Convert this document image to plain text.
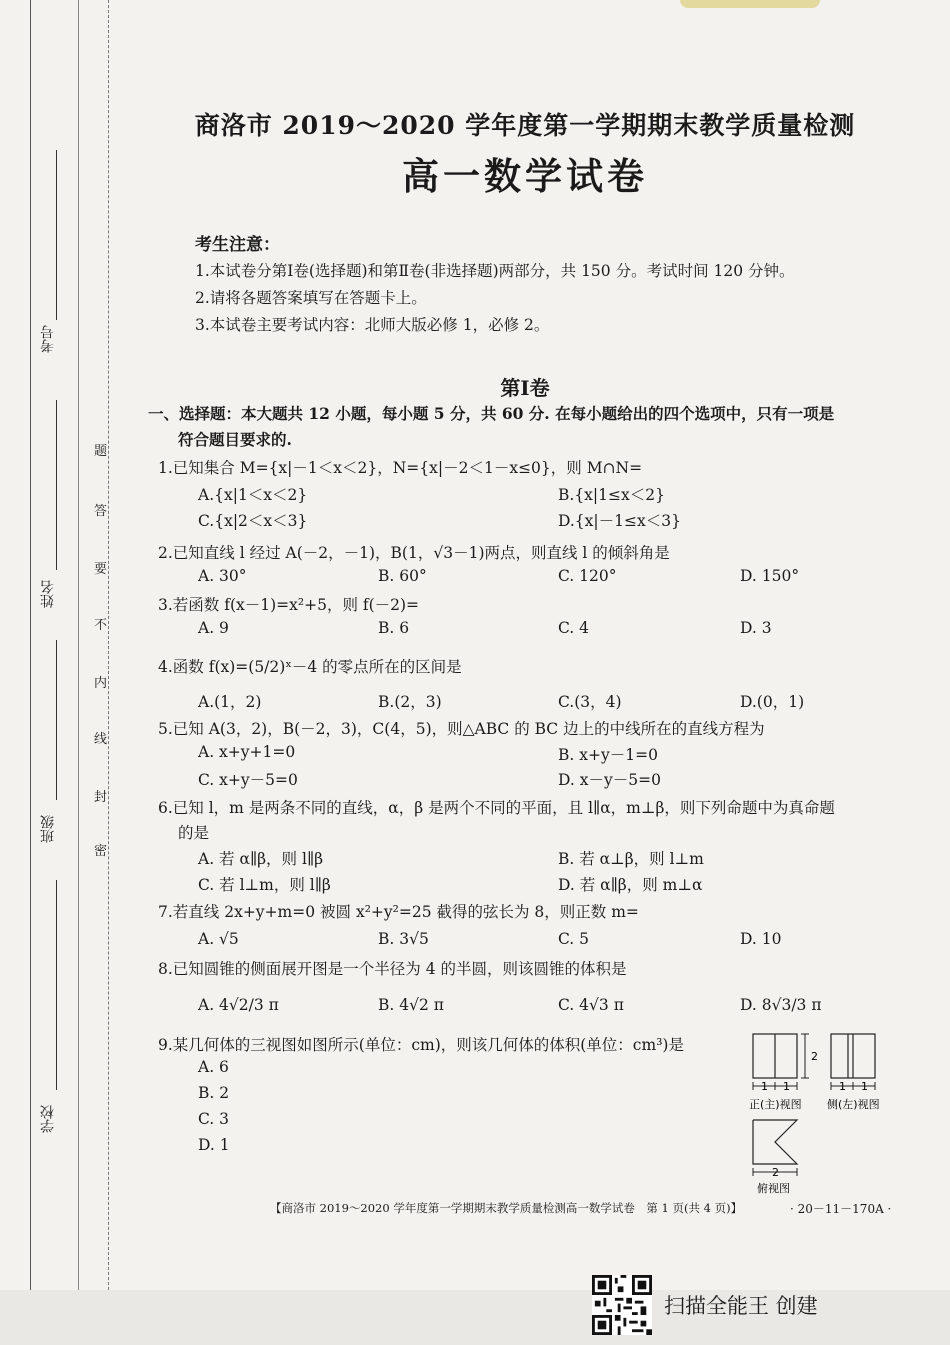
考号
姓名
班级
学校
题
答
要
不
内
线
封
密
商洛市 2019～2020 学年度第一学期期末教学质量检测
高一数学试卷
考生注意：
1.本试卷分第Ⅰ卷(选择题)和第Ⅱ卷(非选择题)两部分，共 150 分。考试时间 120 分钟。
2.请将各题答案填写在答题卡上。
3.本试卷主要考试内容：北师大版必修 1，必修 2。
第Ⅰ卷
一、选择题：本大题共 12 小题，每小题 5 分，共 60 分. 在每小题给出的四个选项中，只有一项是
符合题目要求的.
1.已知集合 M={x|－1＜x＜2}，N={x|－2＜1－x≤0}，则 M∩N=
A.{x|1＜x＜2}	B.{x|1≤x＜2}
C.{x|2＜x＜3}	D.{x|－1≤x＜3}
2.已知直线 l 经过 A(－2，－1)，B(1，√3－1)两点，则直线 l 的倾斜角是
A. 30°	B. 60°	C. 120°	D. 150°
3.若函数 f(x－1)=x²+5，则 f(－2)=
A. 9	B. 6	C. 4	D. 3
4.函数 f(x)=(5/2)ˣ－4 的零点所在的区间是
A.(1，2)	B.(2，3)	C.(3，4)	D.(0，1)
5.已知 A(3，2)，B(－2，3)，C(4，5)，则△ABC 的 BC 边上的中线所在的直线方程为
A. x+y+1=0	B. x+y－1=0
C. x+y－5=0	D. x－y－5=0
6.已知 l，m 是两条不同的直线，α，β 是两个不同的平面，且 l∥α，m⊥β，则下列命题中为真命题
的是
A. 若 α∥β，则 l∥β	B. 若 α⊥β，则 l⊥m
C. 若 l⊥m，则 l∥β	D. 若 α∥β，则 m⊥α
7.若直线 2x+y+m=0 被圆 x²+y²=25 截得的弦长为 8，则正数 m=
A. √5	B. 3√5	C. 5	D. 10
8.已知圆锥的侧面展开图是一个半径为 4 的半圆，则该圆锥的体积是
A. 4√2/3 π	B. 4√2 π	C. 4√3 π	D. 8√3/3 π
9.某几何体的三视图如图所示(单位：cm)，则该几何体的体积(单位：cm³)是
A. 6
B. 2
C. 3
D. 1
2
1 1
正(主)视图
1 1
侧(左)视图
2
俯视图
【商洛市 2019～2020 学年度第一学期期末教学质量检测高一数学试卷　第 1 页(共 4 页)】	· 20－11－170A ·
扫描全能王 创建
